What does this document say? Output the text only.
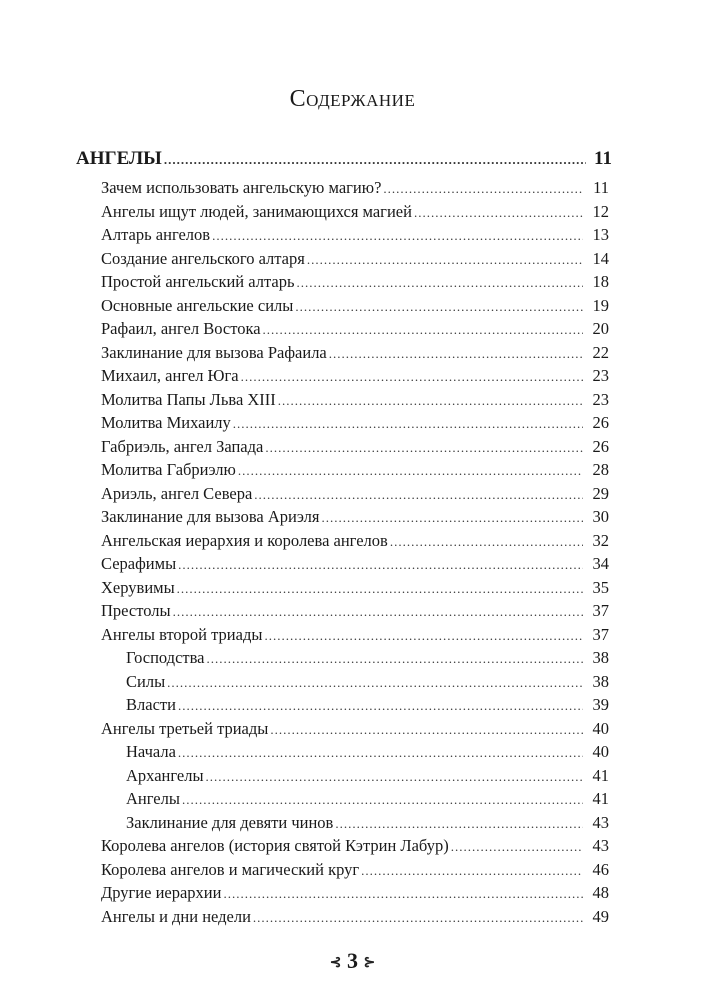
Содержание
АНГЕЛЫ .....	11
Зачем использовать ангельскую магию? .....	11
Ангелы ищут людей, занимающихся магией .....	12
Алтарь ангелов .....	13
Создание ангельского алтаря .....	14
Простой ангельский алтарь .....	18
Основные ангельские силы .....	19
Рафаил, ангел Востока .....	20
Заклинание для вызова Рафаила .....	22
Михаил, ангел Юга .....	23
Молитва Папы Льва XIII .....	23
Молитва Михаилу .....	26
Габриэль, ангел Запада .....	26
Молитва Габриэлю .....	28
Ариэль, ангел Севера .....	29
Заклинание для вызова Ариэля .....	30
Ангельская иерархия и королева ангелов .....	32
Серафимы .....	34
Херувимы .....	35
Престолы .....	37
Ангелы второй триады .....	37
Господства .....	38
Силы .....	38
Власти .....	39
Ангелы третьей триады .....	40
Начала .....	40
Архангелы .....	41
Ангелы .....	41
Заклинание для девяти чинов .....	43
Королева ангелов (история святой Кэтрин Лабур) .....	43
Королева ангелов и магический круг .....	46
Другие иерархии .....	48
Ангелы и дни недели .....	49
⊰ 3 ⊱
